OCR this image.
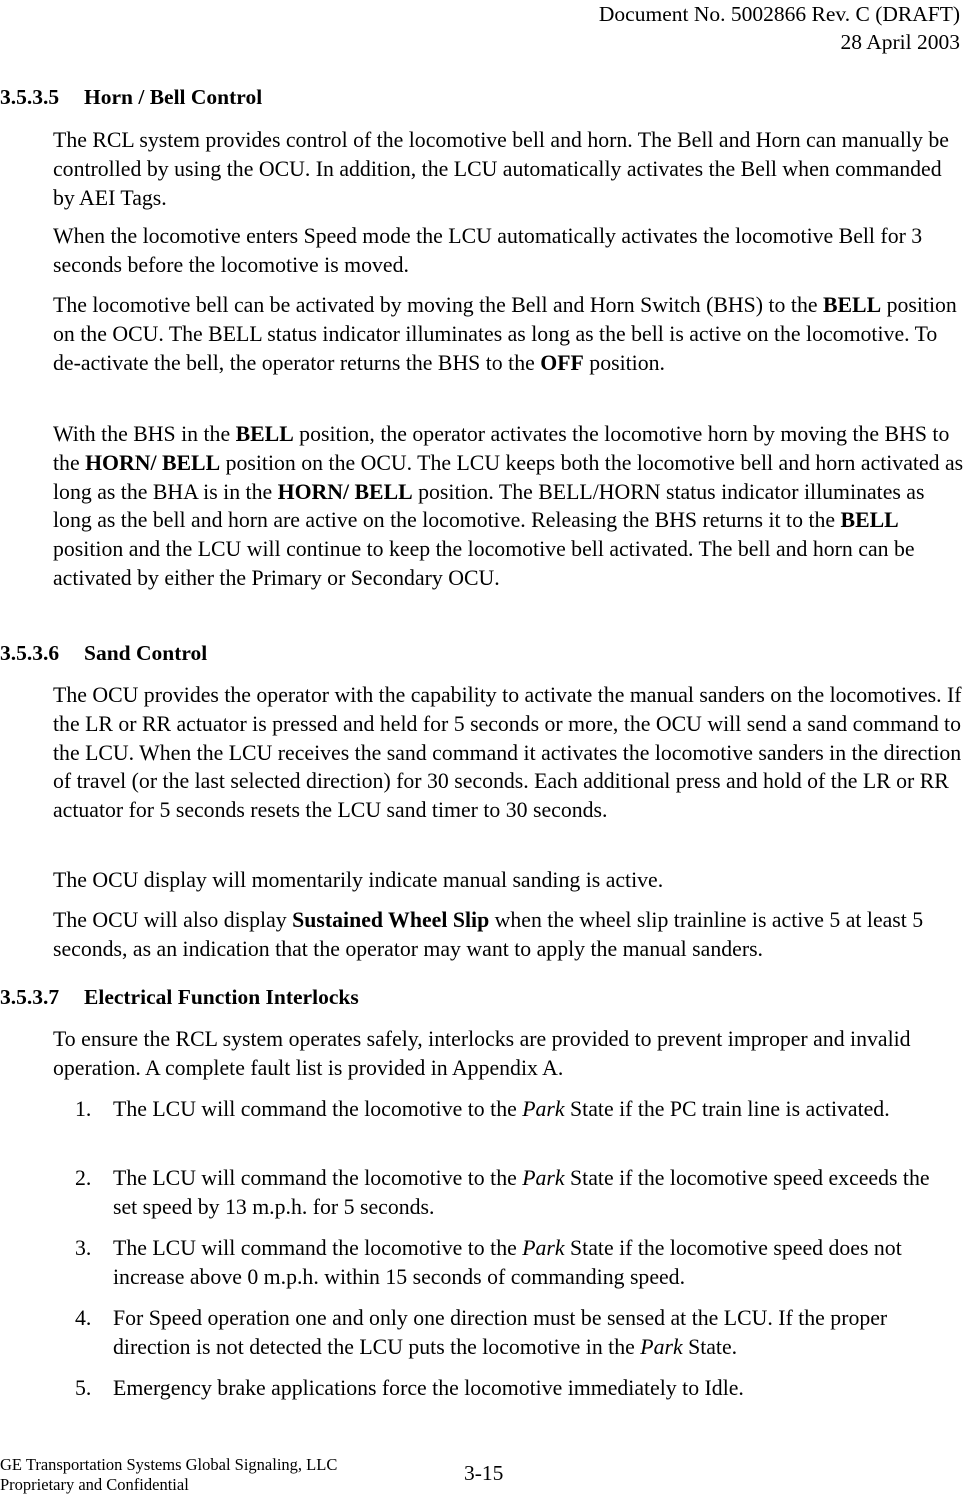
Document No. 5002866 Rev. C (DRAFT)
28 April 2003
3.5.3.5 Horn / Bell Control

The RCL system provides control of the locomotive bell and horn. The Bell and Horn can manually be controlled by using the OCU. In addition, the LCU automatically activates the Bell when commanded by AEI Tags.

When the locomotive enters Speed mode the LCU automatically activates the locomotive Bell for 3 seconds before the locomotive is moved.

The locomotive bell can be activated by moving the Bell and Horn Switch (BHS) to the BELL position on the OCU. The BELL status indicator illuminates as long as the bell is active on the locomotive. To de-activate the bell, the operator returns the BHS to the OFF position.

With the BHS in the BELL position, the operator activates the locomotive horn by moving the BHS to the HORN/ BELL position on the OCU. The LCU keeps both the locomotive bell and horn activated as long as the BHA is in the HORN/ BELL position. The BELL/HORN status indicator illuminates as long as the bell and horn are active on the locomotive. Releasing the BHS returns it to the BELL position and the LCU will continue to keep the locomotive bell activated. The bell and horn can be activated by either the Primary or Secondary OCU.

3.5.3.6 Sand Control

The OCU provides the operator with the capability to activate the manual sanders on the locomotives. If the LR or RR actuator is pressed and held for 5 seconds or more, the OCU will send a sand command to the LCU. When the LCU receives the sand command it activates the locomotive sanders in the direction of travel (or the last selected direction) for 30 seconds. Each additional press and hold of the LR or RR actuator for 5 seconds resets the LCU sand timer to 30 seconds.

The OCU display will momentarily indicate manual sanding is active.

The OCU will also display Sustained Wheel Slip when the wheel slip trainline is active 5 at least 5 seconds, as an indication that the operator may want to apply the manual sanders.

3.5.3.7 Electrical Function Interlocks

To ensure the RCL system operates safely, interlocks are provided to prevent improper and invalid operation. A complete fault list is provided in Appendix A.

1. The LCU will command the locomotive to the Park State if the PC train line is activated.
2. The LCU will command the locomotive to the Park State if the locomotive speed exceeds the set speed by 13 m.p.h. for 5 seconds.
3. The LCU will command the locomotive to the Park State if the locomotive speed does not increase above 0 m.p.h. within 15 seconds of commanding speed.
4. For Speed operation one and only one direction must be sensed at the LCU. If the proper direction is not detected the LCU puts the locomotive in the Park State.
5. Emergency brake applications force the locomotive immediately to Idle.
GE Transportation Systems Global Signaling, LLC
Proprietary and Confidential	3-15
